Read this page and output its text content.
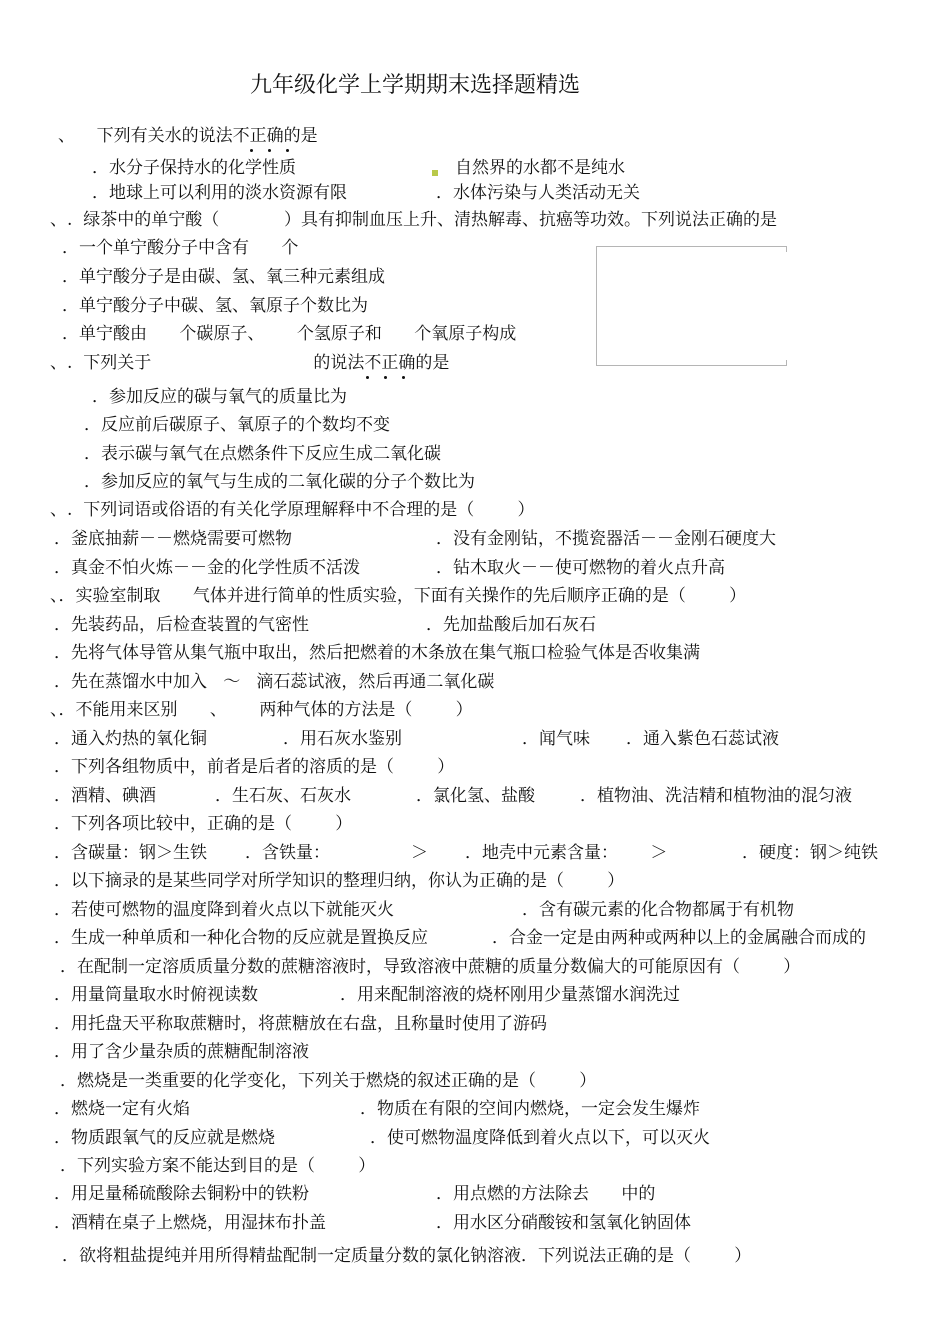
九年级化学上学期期末选择题精选
、    下列有关水的说法不正确的是
．水分子保持水的化学性质	自然界的水都不是纯水
．地球上可以利用的淡水资源有限	．水体污染与人类活动无关
、.  绿茶中的单宁酸（            ）具有抑制血压上升、清热解毒、抗癌等功效。下列说法正确的是
．一个单宁酸分子中含有      个
．单宁酸分子是由碳、氢、氧三种元素组成
．单宁酸分子中碳、氢、氧原子个数比为
．单宁酸由      个碳原子、      个氢原子和      个氧原子构成
、.  下列关于                              的说法不正确的是
．参加反应的碳与氧气的质量比为
．反应前后碳原子、氧原子的个数均不变
．表示碳与氧气在点燃条件下反应生成二氧化碳
．参加反应的氧气与生成的二氧化碳的分子个数比为
、.  下列词语或俗语的有关化学原理解释中不合理的是（        ）
．釜底抽薪－－燃烧需要可燃物	．没有金刚钻，不揽瓷器活－－金刚石硬度大
．真金不怕火炼－－金的化学性质不活泼	．钻木取火－－使可燃物的着火点升高
、．实验室制取      气体并进行简单的性质实验，下面有关操作的先后顺序正确的是（        ）
．先装药品，后检查装置的气密性	．先加盐酸后加石灰石
．先将气体导管从集气瓶中取出，然后把燃着的木条放在集气瓶口检验气体是否收集满
．先在蒸馏水中加入   ～   滴石蕊试液，然后再通二氧化碳
、．不能用来区别      、      两种气体的方法是（        ）
．通入灼热的氧化铜	．用石灰水鉴别	．闻气味 ．通入紫色石蕊试液
．下列各组物质中，前者是后者的溶质的是（        ）
．酒精、碘酒	．生石灰、石灰水	．氯化氢、盐酸	．植物油、洗洁精和植物油的混匀液
．下列各项比较中，正确的是（        ）
．含碳量：钢＞生铁 ．含铁量：               ＞ ．地壳中元素含量：      ＞	．硬度：钢＞纯铁
．以下摘录的是某些同学对所学知识的整理归纳，你认为正确的是（        ）
．若使可燃物的温度降到着火点以下就能灭火	．含有碳元素的化合物都属于有机物
．生成一种单质和一种化合物的反应就是置换反应	．合金一定是由两种或两种以上的金属融合而成的
．在配制一定溶质质量分数的蔗糖溶液时，导致溶液中蔗糖的质量分数偏大的可能原因有（        ）
．用量筒量取水时俯视读数	．用来配制溶液的烧杯刚用少量蒸馏水润洗过
．用托盘天平称取蔗糖时，将蔗糖放在右盘，且称量时使用了游码
．用了含少量杂质的蔗糖配制溶液
．燃烧是一类重要的化学变化，下列关于燃烧的叙述正确的是（        ）
．燃烧一定有火焰	．物质在有限的空间内燃烧，一定会发生爆炸
．物质跟氧气的反应就是燃烧	．使可燃物温度降低到着火点以下，可以灭火
．下列实验方案不能达到目的是（        ）
．用足量稀硫酸除去铜粉中的铁粉	．用点燃的方法除去      中的
．酒精在桌子上燃烧，用湿抹布扑盖	．用水区分硝酸铵和氢氧化钠固体
．欲将粗盐提纯并用所得精盐配制一定质量分数的氯化钠溶液．下列说法正确的是（        ）
